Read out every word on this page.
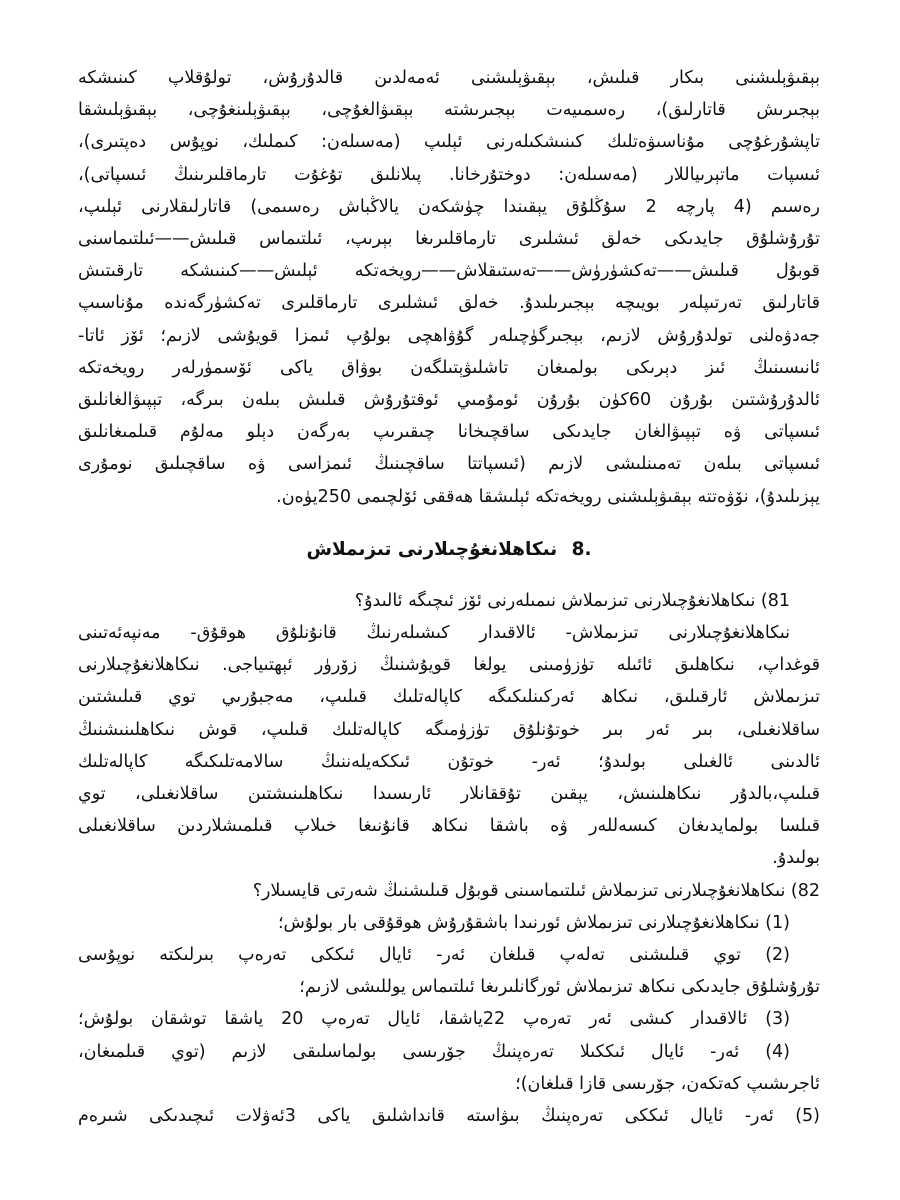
بېقىۋېلىشنى بىكار قىلىش، بېقىۋېلىشنى ئەمەلدىن قالدۇرۇش، تولۇقلاپ كىنىشكە
بېجىرىش قاتارلىق)، رەسمىيەت بېجىرىشتە بېقىۋالغۇچى، بېقىۋېلىنغۇچى، بېقىۋېلىشقا
تاپشۇرغۇچى مۇناسىۋەتلىك كىنىشكىلەرنى ئېلىپ (مەسىلەن: كىملىك، نوپۇس دەپتىرى)،
ئىسپات ماتېرىياللار (مەسىلەن: دوختۇرخانا. پىلانلىق تۇغۇت تارماقلىرىنىڭ ئىسپاتى)،
رەسىم (4 پارچە 2 سۇڭلۇق يېقىندا چۈشكەن يالاڭباش رەسىمى) قاتارلىقلارنى ئېلىپ،
تۇرۇشلۇق جايدىكى خەلق ئىشلىرى تارماقلىرىغا بېرىپ، ئىلتىماس قىلىش——ئىلتىماسنى
قوبۇل قىلىش——تەكشۈرۈش——تەستىقلاش——رويخەتكە ئېلىش——كىنىشكە تارقىتىش
قاتارلىق تەرتىپلەر بويىچە بېجىرىلىدۇ. خەلق ئىشلىرى تارماقلىرى تەكشۈرگەندە مۇناسىپ
جەدۋەلنى تولدۇرۇش لازىم، بېجىرگۈچىلەر گۇۋاھچى بولۇپ ئىمزا قويۇشى لازىم؛ ئۆز ئاتا-
ئانىسىنىڭ ئىز دېرىكى بولمىغان تاشلىۋېتىلگەن بوۋاق ياكى ئۆسمۈرلەر رويخەتكە
ئالدۇرۇشتىن بۇرۇن 60كۈن بۇرۇن ئومۇمىي ئوقتۇرۇش قىلىش بىلەن بىرگە، تېپىۋالغانلىق
ئىسپاتى ۋە تېپىۋالغان جايدىكى ساقچىخانا چىقىرىپ بەرگەن دېلو مەلۇم قىلمىغانلىق
ئىسپاتى بىلەن تەمىنلىشى لازىم (ئىسپاتتا ساقچىنىڭ ئىمزاسى ۋە ساقچىلىق نومۇرى
يېزىلىدۇ)، نۆۋەتتە بېقىۋېلىشنى رويخەتكە ئېلىشقا ھەققى ئۆلچىمى 250يۈەن.
8. نىكاھلانغۇچىلارنى تىزىملاش
81) نىكاھلانغۇچىلارنى تىزىملاش نىمىلەرنى ئۆز ئىچىگە ئالىدۇ؟
نىكاھلانغۇچىلارنى تىزىملاش- ئالاقىدار كىشىلەرنىڭ قانۇنلۇق ھوقۇق- مەنپەئەتىنى
قوغداپ، نىكاھلىق ئائىلە تۈزۈمىنى يولغا قويۇشنىڭ زۆرۈر ئېھتىياجى. نىكاھلانغۇچىلارنى
تىزىملاش ئارقىلىق، نىكاھ ئەركىنلىكىگە كاپالەتلىك قىلىپ، مەجبۇرىي توي قىلىشتىن
ساقلانغىلى، بىر ئەر بىر خوتۇنلۇق تۈزۈمىگە كاپالەتلىك قىلىپ، قوش نىكاھلىنىشنىڭ
ئالدىنى ئالغىلى بولىدۇ؛ ئەر- خوتۇن ئىككەيلەننىڭ سالامەتلىكىگە كاپالەتلىك
قىلىپ،بالدۇر نىكاھلىنىش، يېقىن تۇققانلار ئارىسىدا نىكاھلىنىشتىن ساقلانغىلى، توي
قىلسا بولمايدىغان كىسەللەر ۋە باشقا نىكاھ قانۇنىغا خىلاپ قىلمىشلاردىن ساقلانغىلى
بولىدۇ.
82) نىكاھلانغۇچىلارنى تىزىملاش ئىلتىماسىنى قوبۇل قىلىشنىڭ شەرتى قايسىلار؟
(1) نىكاھلانغۇچىلارنى تىزىملاش ئورنىدا باشقۇرۇش ھوقۇقى بار بولۇش؛
(2) توي قىلىشنى تەلەپ قىلغان ئەر- ئايال ئىككى تەرەپ بىرلىكتە نوپۇسى
تۇرۇشلۇق جايدىكى نىكاھ تىزىملاش ئورگانلىرىغا ئىلتىماس يوللىشى لازىم؛
(3) ئالاقىدار كىشى ئەر تەرەپ 22ياشقا، ئايال تەرەپ 20 ياشقا توشقان بولۇش؛
(4) ئەر- ئايال ئىككىلا تەرەپنىڭ جۆرىسى بولماسلىقى لازىم (توي قىلمىغان،
ئاجرىشىپ كەتكەن، جۆرىسى قازا قىلغان)؛
(5) ئەر- ئايال ئىككى تەرەپنىڭ بىۋاستە قانداشلىق ياكى 3ئەۋلات ئىچىدىكى شىرەم
